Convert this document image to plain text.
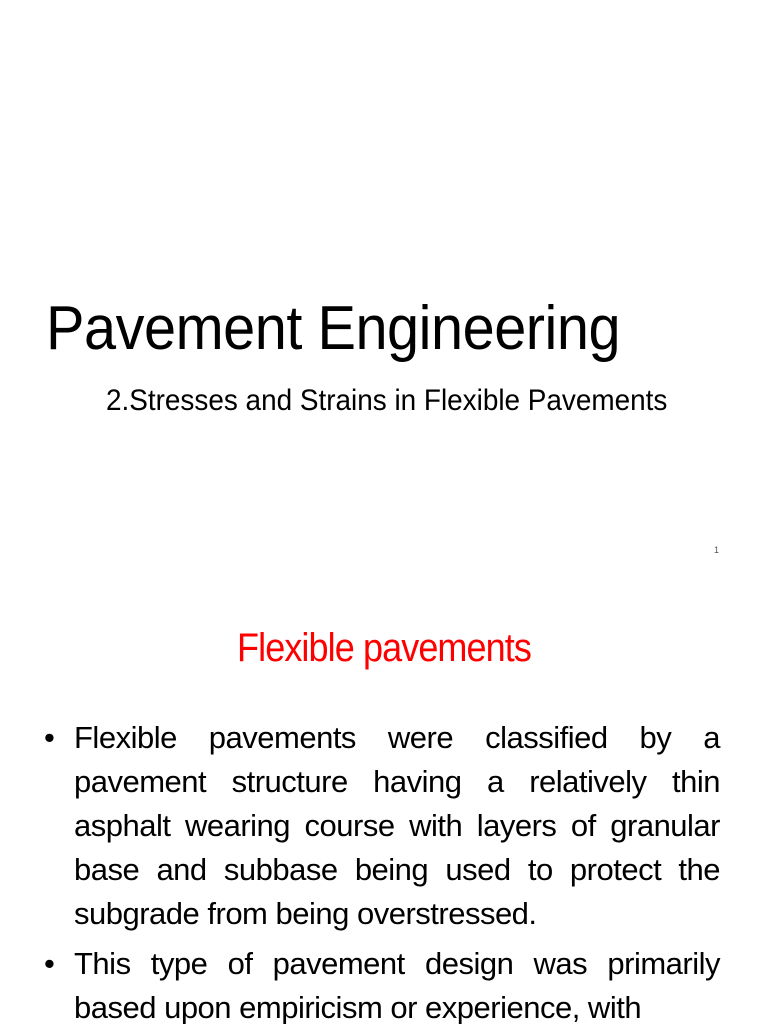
Pavement Engineering
2.Stresses and Strains in Flexible Pavements
1
Flexible pavements
• Flexible pavements were classified by a pavement structure having a relatively thin asphalt wearing course with layers of granular base and subbase being used to protect the subgrade from being overstressed.
• This type of pavement design was primarily based upon empiricism or experience, with
